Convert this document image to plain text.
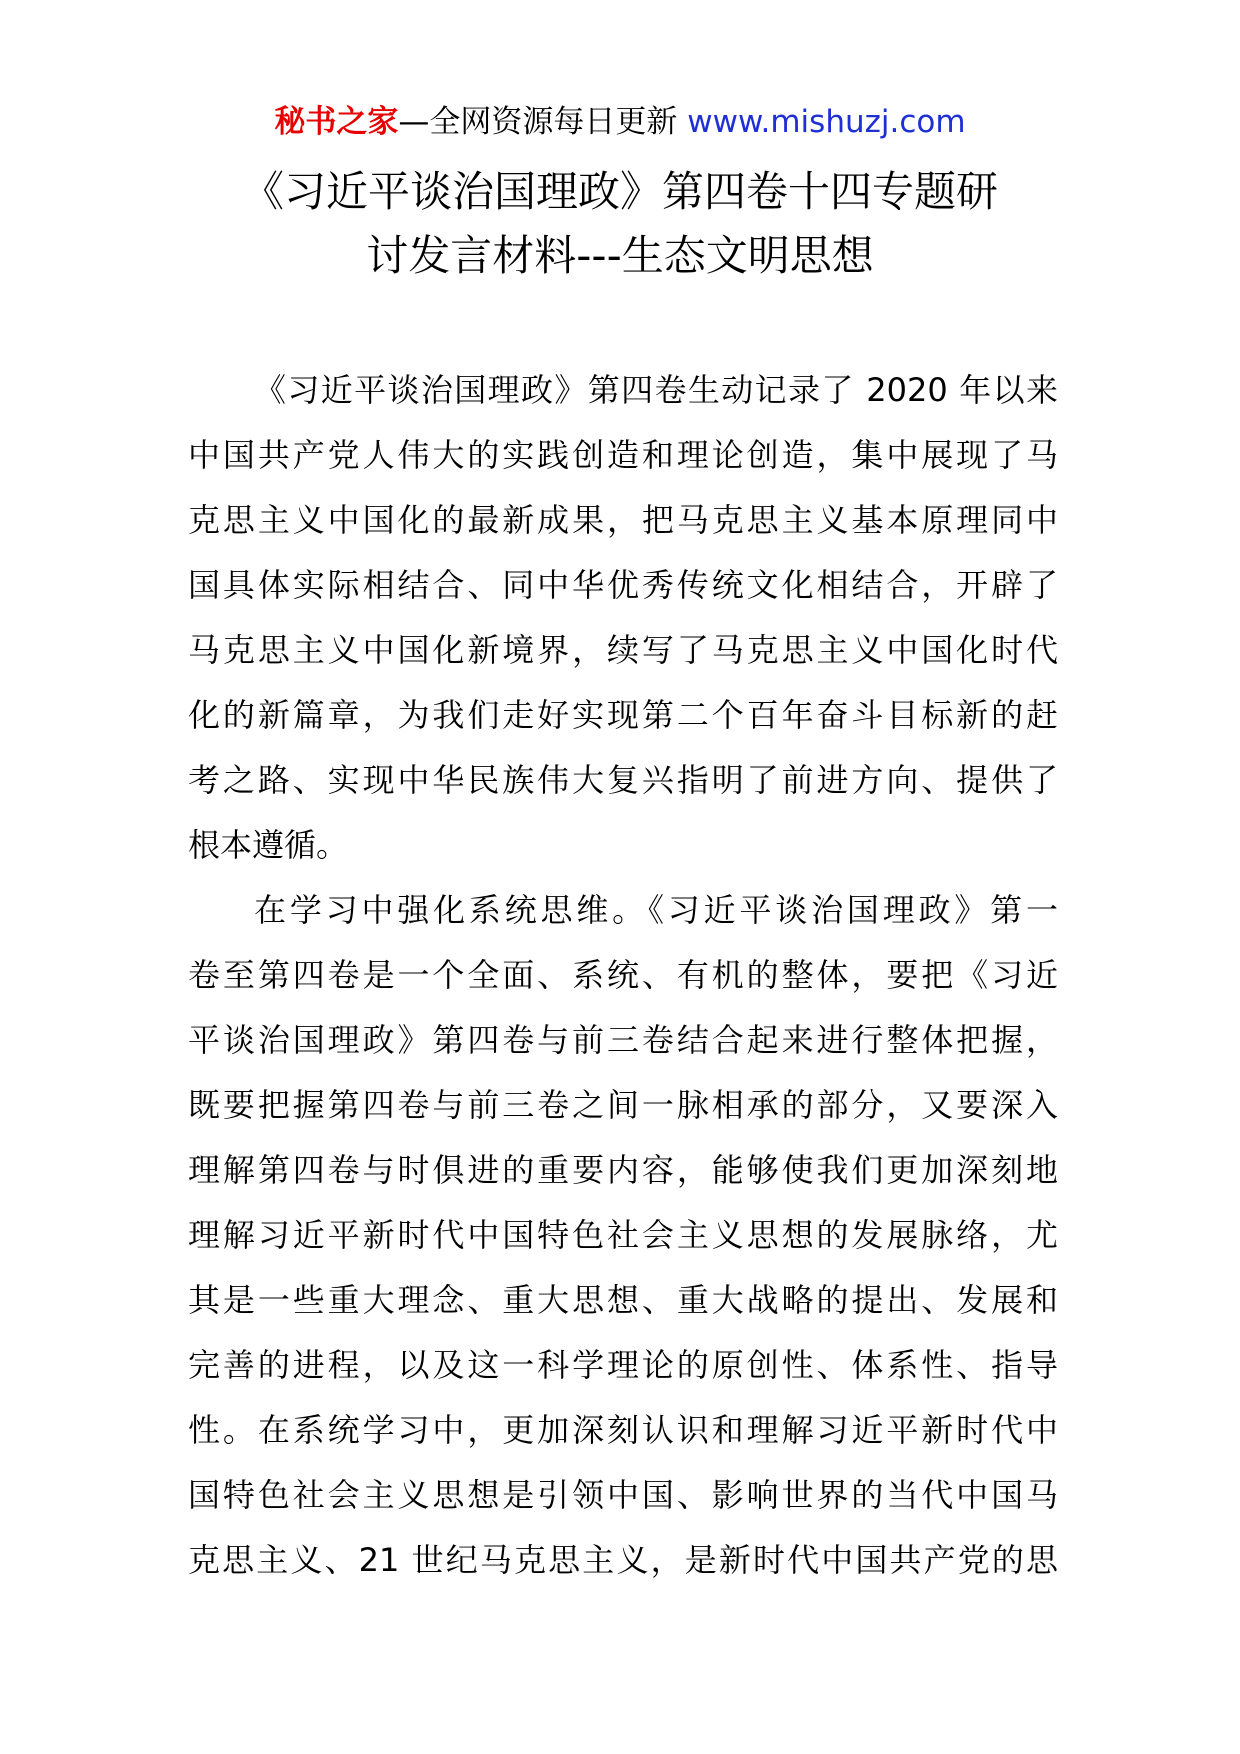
秘书之家—全网资源每日更新 www.mishuzj.com
《习近平谈治国理政》第四卷十四专题研
讨发言材料---生态文明思想
《习近平谈治国理政》第四卷生动记录了 2020 年以来
中国共产党人伟大的实践创造和理论创造，集中展现了马
克思主义中国化的最新成果，把马克思主义基本原理同中
国具体实际相结合、同中华优秀传统文化相结合，开辟了
马克思主义中国化新境界，续写了马克思主义中国化时代
化的新篇章，为我们走好实现第二个百年奋斗目标新的赶
考之路、实现中华民族伟大复兴指明了前进方向、提供了
根本遵循。
在学习中强化系统思维。《习近平谈治国理政》第一
卷至第四卷是一个全面、系统、有机的整体，要把《习近
平谈治国理政》第四卷与前三卷结合起来进行整体把握，
既要把握第四卷与前三卷之间一脉相承的部分，又要深入
理解第四卷与时俱进的重要内容，能够使我们更加深刻地
理解习近平新时代中国特色社会主义思想的发展脉络，尤
其是一些重大理念、重大思想、重大战略的提出、发展和
完善的进程，以及这一科学理论的原创性、体系性、指导
性。在系统学习中，更加深刻认识和理解习近平新时代中
国特色社会主义思想是引领中国、影响世界的当代中国马
克思主义、21 世纪马克思主义，是新时代中国共产党的思
